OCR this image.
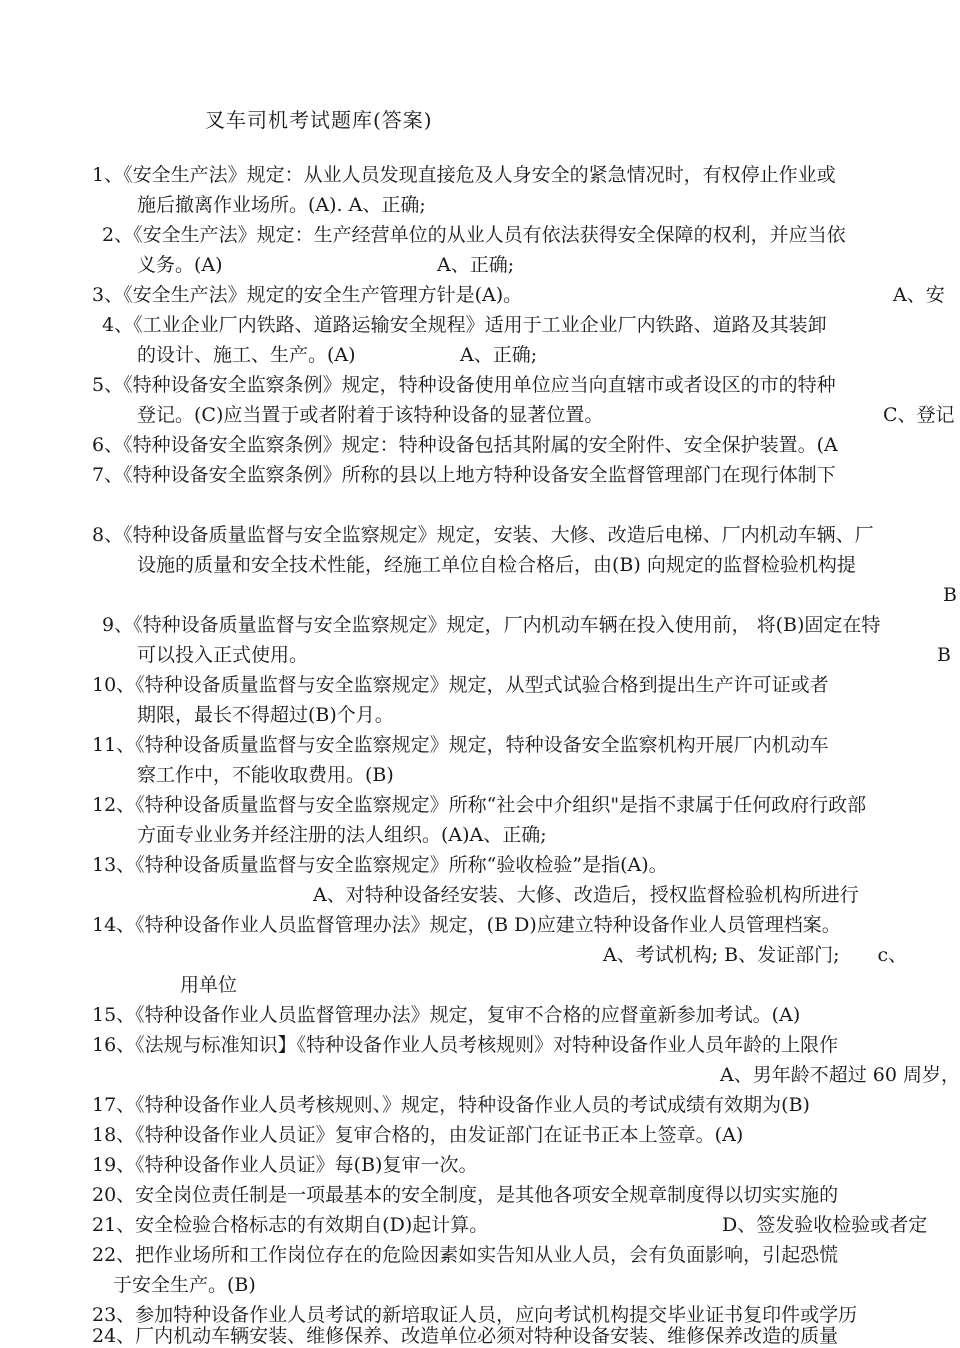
叉车司机考试题库(答案)
1、《安全生产法》规定：从业人员发现直接危及人身安全的紧急情况时，有权停止作业或
施后撤离作业场所。(A). A、正确;
2、《安全生产法》规定：生产经营单位的从业人员有依法获得安全保障的权利，并应当依
义务。(A)	A、正确;
3、《安全生产法》规定的安全生产管理方针是(A)。	A、安
4、《工业企业厂内铁路、道路运输安全规程》适用于工业企业厂内铁路、道路及其装卸
的设计、施工、生产。(A)	A、正确;
5、《特种设备安全监察条例》规定，特种设备使用单位应当向直辖市或者设区的市的特种
登记。(C)应当置于或者附着于该特种设备的显著位置。	C、登记
6、《特种设备安全监察条例》规定：特种设备包括其附属的安全附件、安全保护装置。(A
7、《特种设备安全监察条例》所称的县以上地方特种设备安全监督管理部门在现行体制下
8、《特种设备质量监督与安全监察规定》规定，安装、大修、改造后电梯、厂内机动车辆、厂
设施的质量和安全技术性能，经施工单位自检合格后，由(B) 向规定的监督检验机构提
B
9、《特种设备质量监督与安全监察规定》规定，厂内机动车辆在投入使用前， 将(B)固定在特
可以投入正式使用。	B
10、《特种设备质量监督与安全监察规定》规定，从型式试验合格到提出生产许可证或者
期限，最长不得超过(B)个月。
11、《特种设备质量监督与安全监察规定》规定，特种设备安全监察机构开展厂内机动车
察工作中，不能收取费用。(B)
12、《特种设备质量监督与安全监察规定》所称“社会中介组织"是指不隶属于任何政府行政部
方面专业业务并经注册的法人组织。(A)A、正确;
13、《特种设备质量监督与安全监察规定》所称“验收检验”是指(A)。
A、对特种设备经安装、大修、改造后，授权监督检验机构所进行
14、《特种设备作业人员监督管理办法》规定，(B D)应建立特种设备作业人员管理档案。
A、考试机构; B、发证部门;　　c、
用单位
15、《特种设备作业人员监督管理办法》规定，复审不合格的应督童新参加考试。(A)
16、《法规与标准知识】《特种设备作业人员考核规则》对特种设备作业人员年龄的上限作
A、男年龄不超过 60 周岁，
17、《特种设备作业人员考核规则、》规定，特种设备作业人员的考试成绩有效期为(B)
18、《特种设备作业人员证》复审合格的，由发证部门在证书正本上签章。(A)
19、《特种设备作业人员证》每(B)复审一次。
20、安全岗位责任制是一项最基本的安全制度，是其他各项安全规章制度得以切实实施的
21、安全检验合格标志的有效期自(D)起计算。	D、签发验收检验或者定
22、把作业场所和工作岗位存在的危险因素如实告知从业人员，会有负面影响，引起恐慌
于安全生产。(B)
23、参加特种设备作业人员考试的新培取证人员，应向考试机构提交毕业证书复印件或学历
24、厂内机动车辆安装、维修保养、改造单位必须对特种设备安装、维修保养改造的质量
